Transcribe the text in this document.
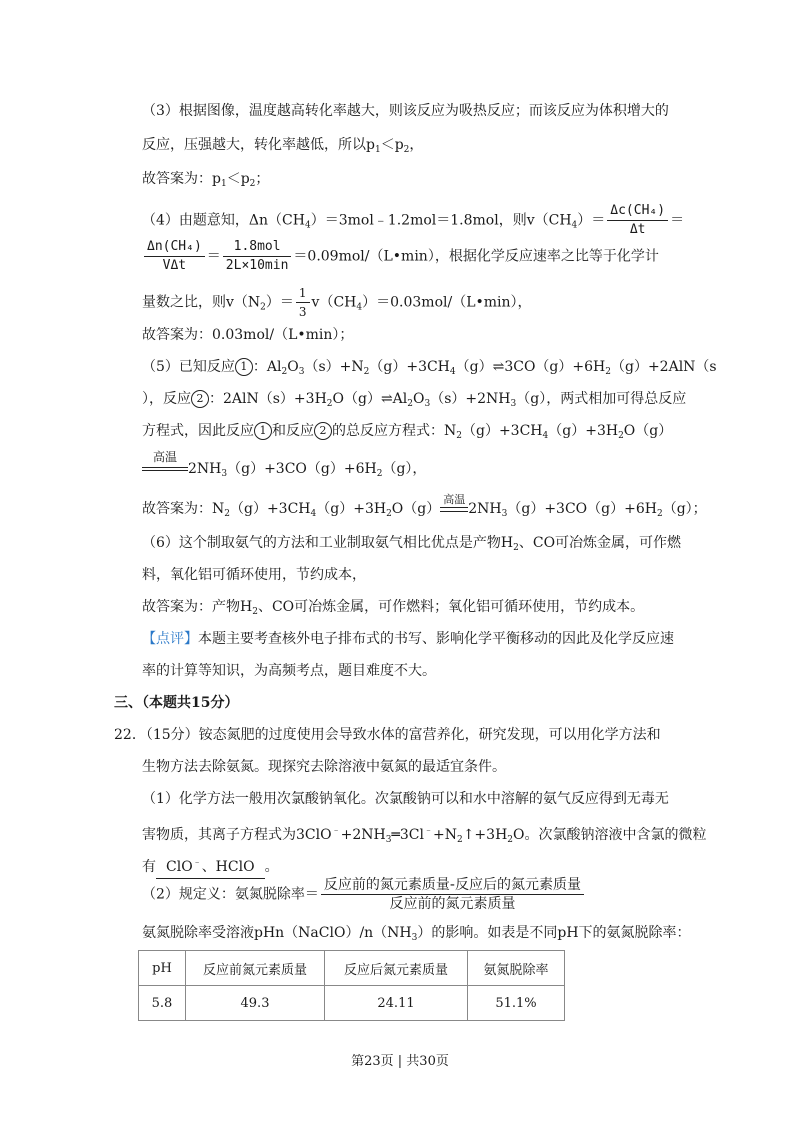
（3）根据图像，温度越高转化率越大，则该反应为吸热反应；而该反应为体积增大的
反应，压强越大，转化率越低，所以$p_1<p_2$，
故答案为：$p_1<p_2$；
（4）由题意知，$\Delta n(CH_4)=3mol﹣1.2mol=1.8mol$，则$v(CH_4)= \frac{\text{Δc(CH₄)}}{\Delta t}$ ＝
$\frac{\text{Δn(CH₄)}}{\text{VΔt}} = \frac{\text{1.8mol}}{2L\times 10\min}$ ＝0.09mol/（L•min），根据化学反应速率之比等于化学计
量数之比，则$v(N_2)= \frac{1}{3}$ $v(CH_4)=0.03mol/(L•\min)$，
故答案为：0.03mol/（L•min）；
（5）已知反应 1 ：$Al_2O_3(s)+N_2(g)+3CH_4(g)\rightleftharpoons 3CO(g)+6H_2(g)+2AlN(s$
），反应 2 ：$2AlN(s)+3H_2O(g)\rightleftharpoons Al_2O_3(s)+2NH_3(g)$，两式相加可得总反应
方程式，因此反应 1 和反应 2 的总反应方程式：$N_2(g)+3CH_4(g)+3H_2O(g)$
高温
$2NH_3(g)+3CO(g)+6H_2(g)$，
故答案为：$N_2(g)+3CH_4(g)+3H_2O(g)$
高温
$2NH_3(g)+3CO(g)+6H_2(g)$；
（6）这个制取氨气的方法和工业制取氨气相比优点是产物$H_2$、CO可冶炼金属，可作燃
料，氧化铝可循环使用，节约成本，
故答案为：产物$H_2$、CO可冶炼金属，可作燃料；氧化铝可循环使用，节约成本。
【点评】本题主要考查核外电子排布式的书写、影响化学平衡移动的因此及化学反应速
率的计算等知识，为高频考点，题目难度不大。
三、（本题共15分）
22．（15分）铵态氮肥的过度使用会导致水体的富营养化，研究发现，可以用化学方法和
生物方法去除氨氮。现探究去除溶液中氨氮的最适宜条件。
（1）化学方法一般用次氯酸钠氧化。次氯酸钠可以和水中溶解的氨气反应得到无毒无
害物质，其离子方程式为$3ClO^﹣+2NH_3═3Cl^﹣+N_2↑+3H_2O$。次氯酸钠溶液中含氯的微粒
有 ClO﹣、HClO 。
（2）规定义：氨氮脱除率＝ $\frac{\text{反应前的氮元素质量-反应后的氮元素质量}}{\text{反应前的氮元素质量}}$
氨氮脱除率受溶液$pHn(NaClO)/n(NH_3)$的影响。如表是不同pH下的氨氮脱除率：
pH	反应前氮元素质量	反应后氮元素质量	氨氮脱除率
5.8	49.3	24.11	51.1%
第23页 | 共30页
